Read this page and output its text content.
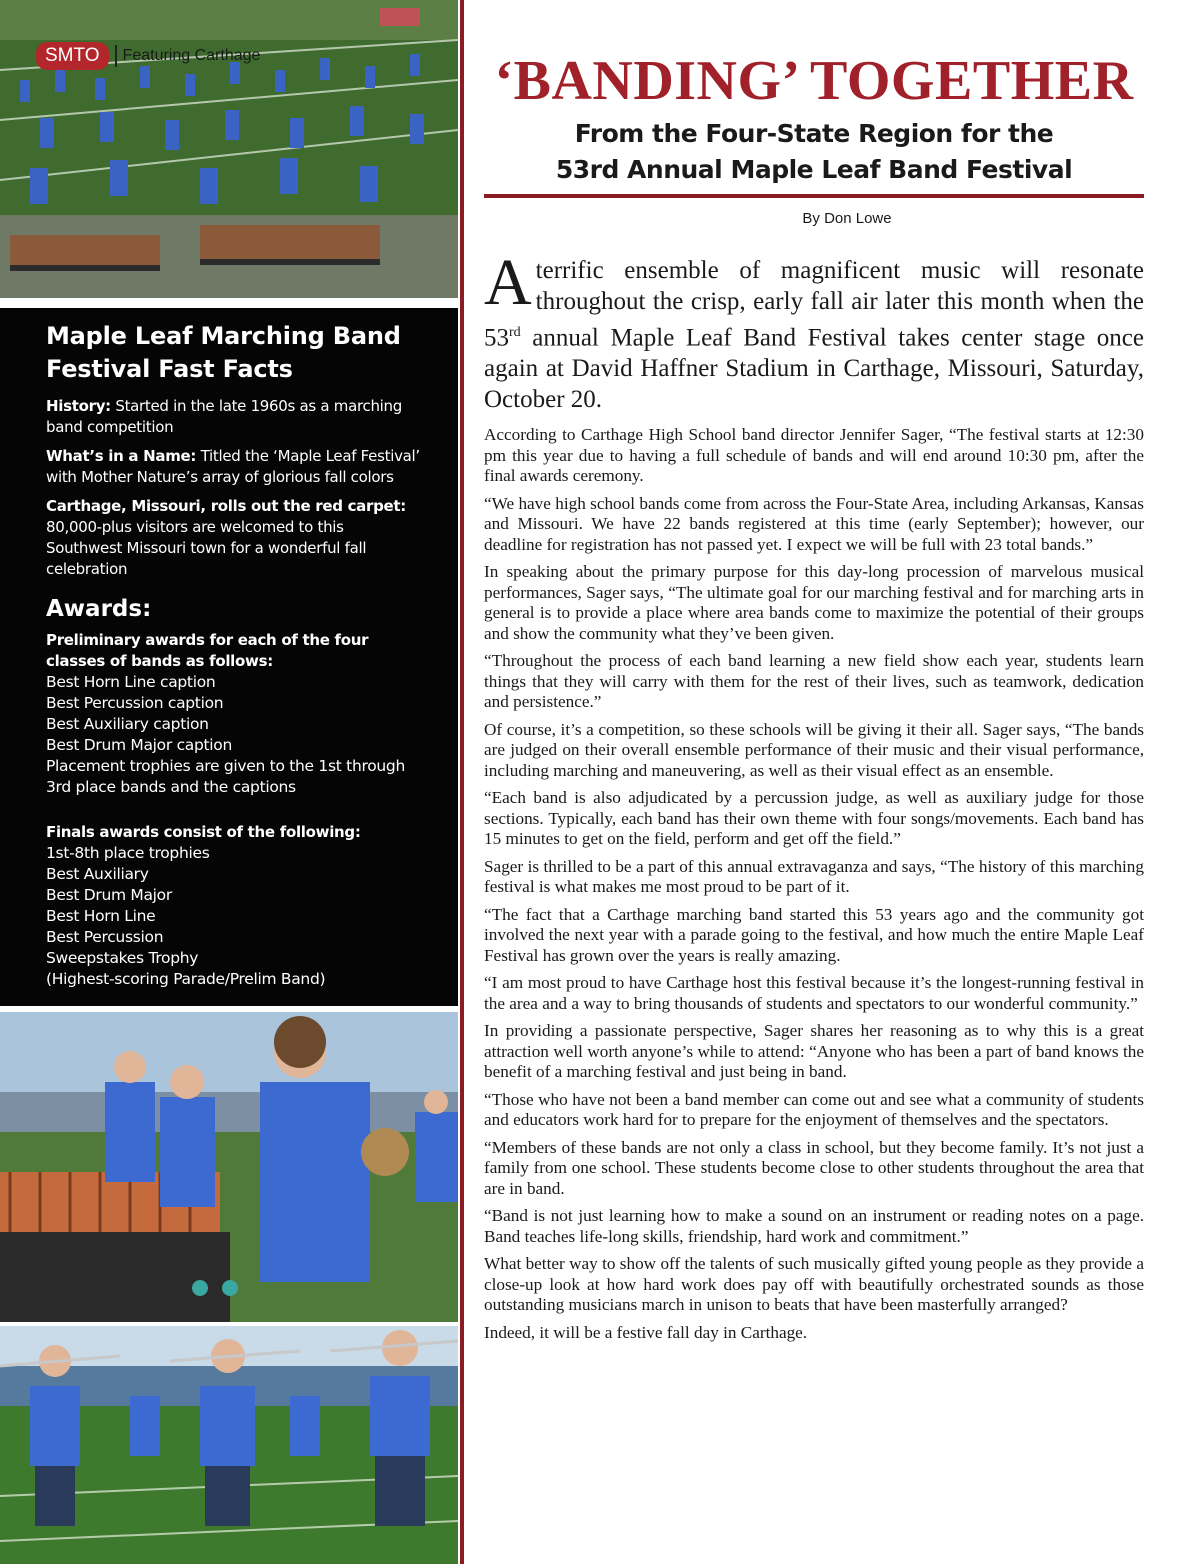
SMTO	Featuring Carthage
Maple Leaf Marching Band Festival Fast Facts

History: Started in the late 1960s as a marching band competition

What’s in a Name: Titled the ‘Maple Leaf Festival’ with Mother Nature’s array of glorious fall colors

Carthage, Missouri, rolls out the red carpet: 80,000-plus visitors are welcomed to this Southwest Missouri town for a wonderful fall celebration

Awards:
Preliminary awards for each of the four classes of bands as follows:
Best Horn Line caption
Best Percussion caption
Best Auxiliary caption
Best Drum Major caption
Placement trophies are given to the 1st through 3rd place bands and the captions
Finals awards consist of the following:
1st-8th place trophies
Best Auxiliary
Best Drum Major
Best Horn Line
Best Percussion
Sweepstakes Trophy
(Highest-scoring Parade/Prelim Band)
‘BANDING’ TOGETHER
From the Four-State Region for the
53rd Annual Maple Leaf Band Festival
By Don Lowe

A terrific ensemble of magnificent music will resonate throughout the crisp, early fall air later this month when the 53rd annual Maple Leaf Band Festival takes center stage once again at David Haffner Stadium in Carthage, Missouri, Saturday, October 20.

According to Carthage High School band director Jennifer Sager, “The festival starts at 12:30 pm this year due to having a full schedule of bands and will end around 10:30 pm, after the final awards ceremony.

“We have high school bands come from across the Four-State Area, including Arkansas, Kansas and Missouri. We have 22 bands registered at this time (early September); however, our deadline for registration has not passed yet. I expect we will be full with 23 total bands.”

In speaking about the primary purpose for this day-long procession of marvelous musical performances, Sager says, “The ultimate goal for our marching festival and for marching arts in general is to provide a place where area bands come to maximize the potential of their groups and show the community what they’ve been given.

“Throughout the process of each band learning a new field show each year, students learn things that they will carry with them for the rest of their lives, such as teamwork, dedication and persistence.”

Of course, it’s a competition, so these schools will be giving it their all. Sager says, “The bands are judged on their overall ensemble performance of their music and their visual performance, including marching and maneuvering, as well as their visual effect as an ensemble.

“Each band is also adjudicated by a percussion judge, as well as auxiliary judge for those sections. Typically, each band has their own theme with four songs/movements. Each band has 15 minutes to get on the field, perform and get off the field.”

Sager is thrilled to be a part of this annual extravaganza and says, “The history of this marching festival is what makes me most proud to be part of it.

“The fact that a Carthage marching band started this 53 years ago and the community got involved the next year with a parade going to the festival, and how much the entire Maple Leaf Festival has grown over the years is really amazing.

“I am most proud to have Carthage host this festival because it’s the longest-running festival in the area and a way to bring thousands of students and spectators to our wonderful community.”

In providing a passionate perspective, Sager shares her reasoning as to why this is a great attraction well worth anyone’s while to attend: “Anyone who has been a part of band knows the benefit of a marching festival and just being in band.

“Those who have not been a band member can come out and see what a community of students and educators work hard for to prepare for the enjoyment of themselves and the spectators.

“Members of these bands are not only a class in school, but they become family. It’s not just a family from one school. These students become close to other students throughout the area that are in band.

“Band is not just learning how to make a sound on an instrument or reading notes on a page. Band teaches life-long skills, friendship, hard work and commitment.”

What better way to show off the talents of such musically gifted young people as they provide a close-up look at how hard work does pay off with beautifully orchestrated sounds as those outstanding musicians march in unison to beats that have been masterfully arranged?

Indeed, it will be a festive fall day in Carthage.
